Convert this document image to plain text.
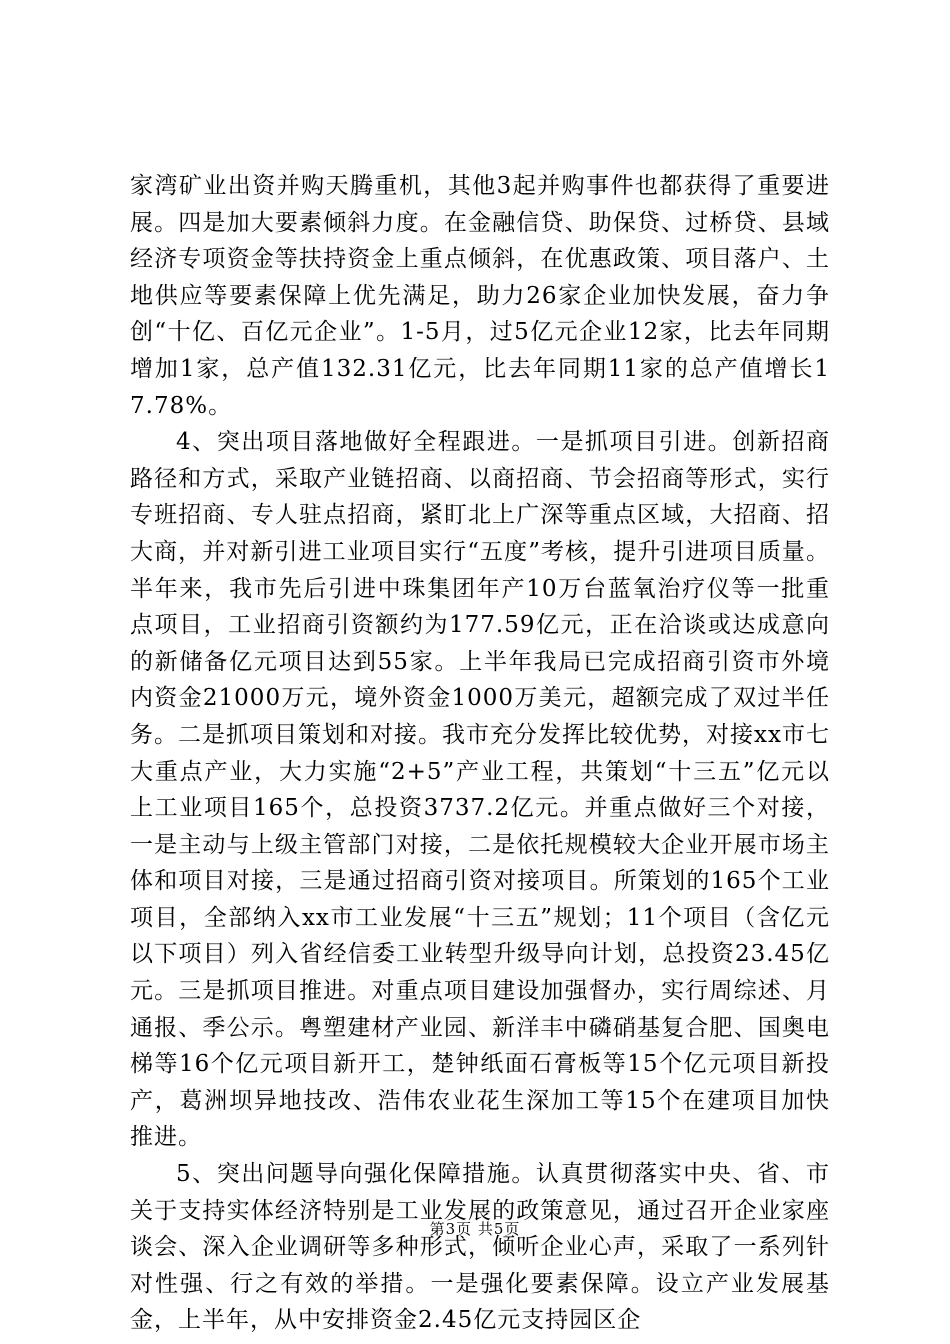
家湾矿业出资并购天腾重机，其他3起并购事件也都获得了重要进展。四是加大要素倾斜力度。在金融信贷、助保贷、过桥贷、县域经济专项资金等扶持资金上重点倾斜，在优惠政策、项目落户、土地供应等要素保障上优先满足，助力26家企业加快发展，奋力争创“十亿、百亿元企业”。1-5月，过5亿元企业12家，比去年同期增加1家，总产值132.31亿元，比去年同期11家的总产值增长17.78%。

4、突出项目落地做好全程跟进。一是抓项目引进。创新招商路径和方式，采取产业链招商、以商招商、节会招商等形式，实行专班招商、专人驻点招商，紧盯北上广深等重点区域，大招商、招大商，并对新引进工业项目实行“五度”考核，提升引进项目质量。半年来，我市先后引进中珠集团年产10万台蓝氧治疗仪等一批重点项目，工业招商引资额约为177.59亿元，正在洽谈或达成意向的新储备亿元项目达到55家。上半年我局已完成招商引资市外境内资金21000万元，境外资金1000万美元，超额完成了双过半任务。二是抓项目策划和对接。我市充分发挥比较优势，对接xx市七大重点产业，大力实施“2+5”产业工程，共策划“十三五”亿元以上工业项目165个，总投资3737.2亿元。并重点做好三个对接，一是主动与上级主管部门对接，二是依托规模较大企业开展市场主体和项目对接，三是通过招商引资对接项目。所策划的165个工业项目，全部纳入xx市工业发展“十三五”规划；11个项目（含亿元以下项目）列入省经信委工业转型升级导向计划，总投资23.45亿元。三是抓项目推进。对重点项目建设加强督办，实行周综述、月通报、季公示。粤塑建材产业园、新洋丰中磷硝基复合肥、国奥电梯等16个亿元项目新开工，楚钟纸面石膏板等15个亿元项目新投产，葛洲坝异地技改、浩伟农业花生深加工等15个在建项目加快推进。

5、突出问题导向强化保障措施。认真贯彻落实中央、省、市关于支持实体经济特别是工业发展的政策意见，通过召开企业家座谈会、深入企业调研等多种形式，倾听企业心声，采取了一系列针对性强、行之有效的举措。一是强化要素保障。设立产业发展基金，上半年，从中安排资金2.45亿元支持园区企

第3页 共5页
